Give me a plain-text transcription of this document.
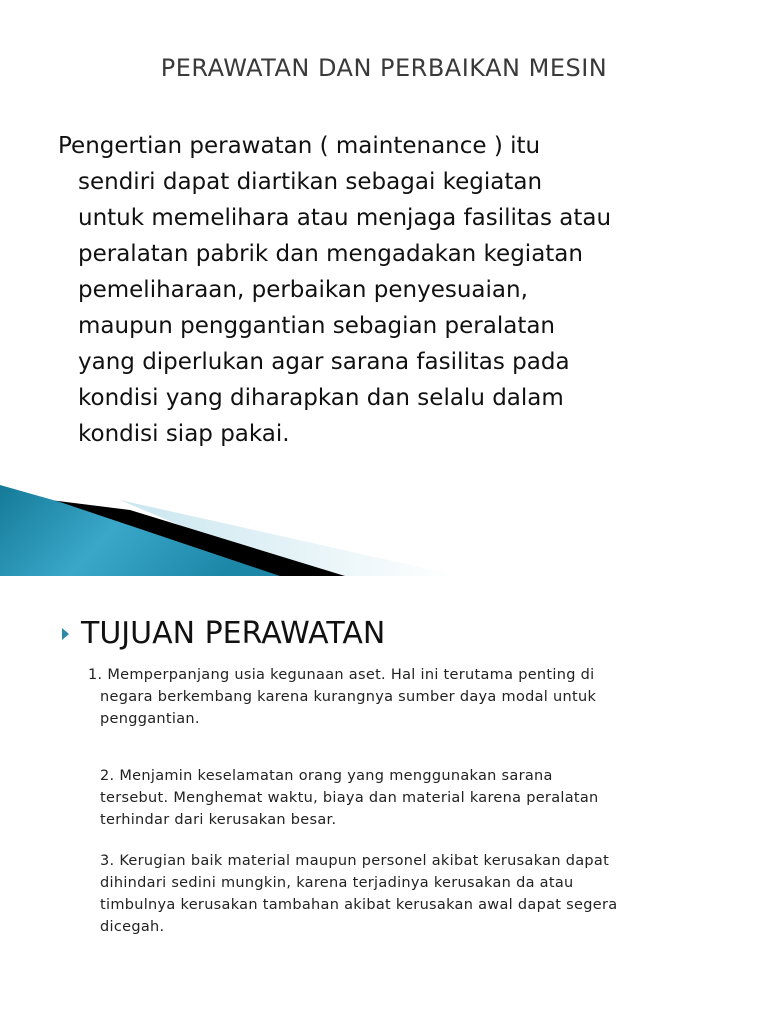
PERAWATAN DAN PERBAIKAN MESIN
Pengertian perawatan ( maintenance ) itu
sendiri dapat diartikan sebagai kegiatan
untuk memelihara atau menjaga fasilitas atau
peralatan pabrik dan mengadakan kegiatan
pemeliharaan, perbaikan penyesuaian,
maupun penggantian sebagian peralatan
yang diperlukan agar sarana fasilitas pada
kondisi yang diharapkan dan selalu dalam
kondisi siap pakai.
TUJUAN PERAWATAN
1. Memperpanjang usia kegunaan aset. Hal ini terutama penting di
negara berkembang karena kurangnya sumber daya modal untuk
penggantian.
2. Menjamin keselamatan orang yang menggunakan sarana
tersebut. Menghemat waktu, biaya dan material karena peralatan
terhindar dari kerusakan besar.
3. Kerugian baik material maupun personel akibat kerusakan dapat
dihindari sedini mungkin, karena terjadinya kerusakan da atau
timbulnya kerusakan tambahan akibat kerusakan awal dapat segera
dicegah.
